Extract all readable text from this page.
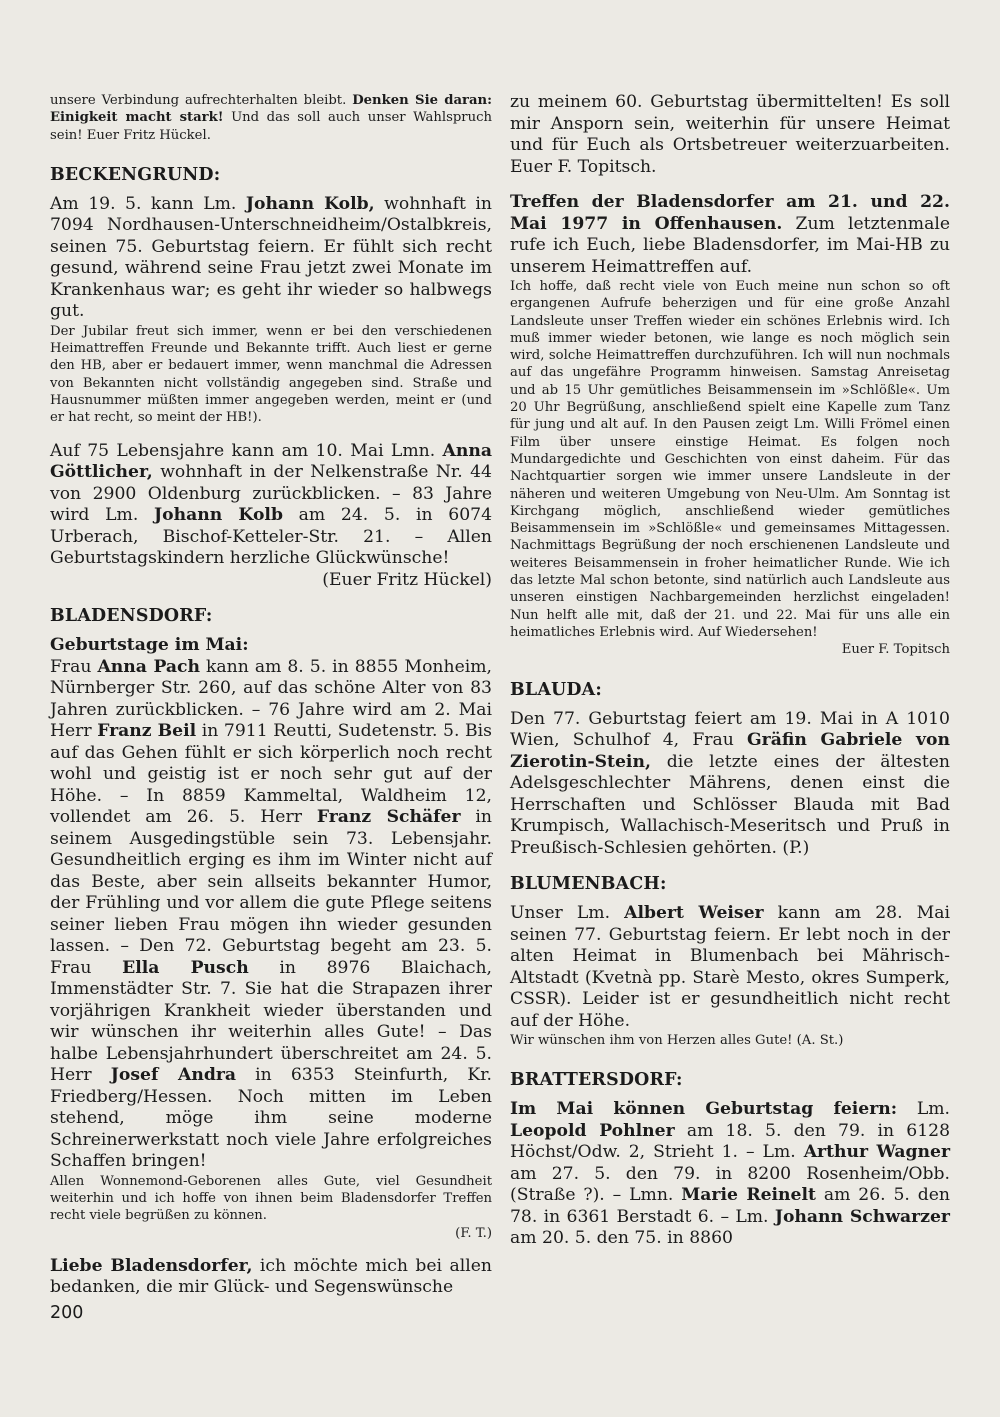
unsere Verbindung aufrechterhalten bleibt. Denken Sie daran: Einigkeit macht stark! Und das soll auch unser Wahlspruch sein! Euer Fritz Hückel.

BECKENGRUND:

Am 19. 5. kann Lm. Johann Kolb, wohnhaft in 7094 Nordhausen-Unterschneidheim/Ostalbkreis, seinen 75. Geburtstag feiern. Er fühlt sich recht gesund, während seine Frau jetzt zwei Monate im Krankenhaus war; es geht ihr wieder so halbwegs gut.

Der Jubilar freut sich immer, wenn er bei den verschiedenen Heimattreffen Freunde und Bekannte trifft. Auch liest er gerne den HB, aber er bedauert immer, wenn manchmal die Adressen von Bekannten nicht vollständig angegeben sind. Straße und Hausnummer müßten immer angegeben werden, meint er (und er hat recht, so meint der HB!).

Auf 75 Lebensjahre kann am 10. Mai Lmn. Anna Göttlicher, wohnhaft in der Nelkenstraße Nr. 44 von 2900 Oldenburg zurückblicken. – 83 Jahre wird Lm. Johann Kolb am 24. 5. in 6074 Urberach, Bischof-Ketteler-Str. 21. – Allen Geburtstagskindern herzliche Glückwünsche!

(Euer Fritz Hückel)
BLADENSDORF:
Geburtstage im Mai:

Frau Anna Pach kann am 8. 5. in 8855 Monheim, Nürnberger Str. 260, auf das schöne Alter von 83 Jahren zurückblicken. – 76 Jahre wird am 2. Mai Herr Franz Beil in 7911 Reutti, Sudetenstr. 5. Bis auf das Gehen fühlt er sich körperlich noch recht wohl und geistig ist er noch sehr gut auf der Höhe. – In 8859 Kammeltal, Waldheim 12, vollendet am 26. 5. Herr Franz Schäfer in seinem Ausgedingstüble sein 73. Lebensjahr. Gesundheitlich erging es ihm im Winter nicht auf das Beste, aber sein allseits bekannter Humor, der Frühling und vor allem die gute Pflege seitens seiner lieben Frau mögen ihn wieder gesunden lassen. – Den 72. Geburtstag begeht am 23. 5. Frau Ella Pusch in 8976 Blaichach, Immenstädter Str. 7. Sie hat die Strapazen ihrer vorjährigen Krankheit wieder überstanden und wir wünschen ihr weiterhin alles Gute! – Das halbe Lebensjahrhundert überschreitet am 24. 5. Herr Josef Andra in 6353 Steinfurth, Kr. Friedberg/Hessen. Noch mitten im Leben stehend, möge ihm seine moderne Schreinerwerkstatt noch viele Jahre erfolgreiches Schaffen bringen!

Allen Wonnemond-Geborenen alles Gute, viel Gesundheit weiterhin und ich hoffe von ihnen beim Bladensdorfer Treffen recht viele begrüßen zu können.

(F. T.)

Liebe Bladensdorfer, ich möchte mich bei allen bedanken, die mir Glück- und Segenswünsche

zu meinem 60. Geburtstag übermittelten! Es soll mir Ansporn sein, weiterhin für unsere Heimat und für Euch als Ortsbetreuer weiterzuarbeiten. Euer F. Topitsch.

Treffen der Bladensdorfer am 21. und 22. Mai 1977 in Offenhausen. Zum letztenmale rufe ich Euch, liebe Bladensdorfer, im Mai-HB zu unserem Heimattreffen auf.

Ich hoffe, daß recht viele von Euch meine nun schon so oft ergangenen Aufrufe beherzigen und für eine große Anzahl Landsleute unser Treffen wieder ein schönes Erlebnis wird. Ich muß immer wieder betonen, wie lange es noch möglich sein wird, solche Heimattreffen durchzuführen. Ich will nun nochmals auf das ungefähre Programm hinweisen. Samstag Anreisetag und ab 15 Uhr gemütliches Beisammensein im »Schlößle«. Um 20 Uhr Begrüßung, anschließend spielt eine Kapelle zum Tanz für jung und alt auf. In den Pausen zeigt Lm. Willi Frömel einen Film über unsere einstige Heimat. Es folgen noch Mundargedichte und Geschichten von einst daheim. Für das Nachtquartier sorgen wie immer unsere Landsleute in der näheren und weiteren Umgebung von Neu-Ulm. Am Sonntag ist Kirchgang möglich, anschließend wieder gemütliches Beisammensein im »Schlößle« und gemeinsames Mittagessen. Nachmittags Begrüßung der noch erschienenen Landsleute und weiteres Beisammensein in froher heimatlicher Runde. Wie ich das letzte Mal schon betonte, sind natürlich auch Landsleute aus unseren einstigen Nachbargemeinden herzlichst eingeladen! Nun helft alle mit, daß der 21. und 22. Mai für uns alle ein heimatliches Erlebnis wird. Auf Wiedersehen!

Euer F. Topitsch
BLAUDA:

Den 77. Geburtstag feiert am 19. Mai in A 1010 Wien, Schulhof 4, Frau Gräfin Gabriele von Zierotin-Stein, die letzte eines der ältesten Adelsgeschlechter Mährens, denen einst die Herrschaften und Schlösser Blauda mit Bad Krumpisch, Wallachisch-Meseritsch und Pruß in Preußisch-Schlesien gehörten. (P.)

BLUMENBACH:

Unser Lm. Albert Weiser kann am 28. Mai seinen 77. Geburtstag feiern. Er lebt noch in der alten Heimat in Blumenbach bei Mährisch-Altstadt (Kvetnà pp. Starè Mesto, okres Sumperk, CSSR). Leider ist er gesundheitlich nicht recht auf der Höhe.

Wir wünschen ihm von Herzen alles Gute! (A. St.)

BRATTERSDORF:

Im Mai können Geburtstag feiern: Lm. Leopold Pohlner am 18. 5. den 79. in 6128 Höchst/Odw. 2, Strieht 1. – Lm. Arthur Wagner am 27. 5. den 79. in 8200 Rosenheim/Obb. (Straße ?). – Lmn. Marie Reinelt am 26. 5. den 78. in 6361 Berstadt 6. – Lm. Johann Schwarzer am 20. 5. den 75. in 8860

200
